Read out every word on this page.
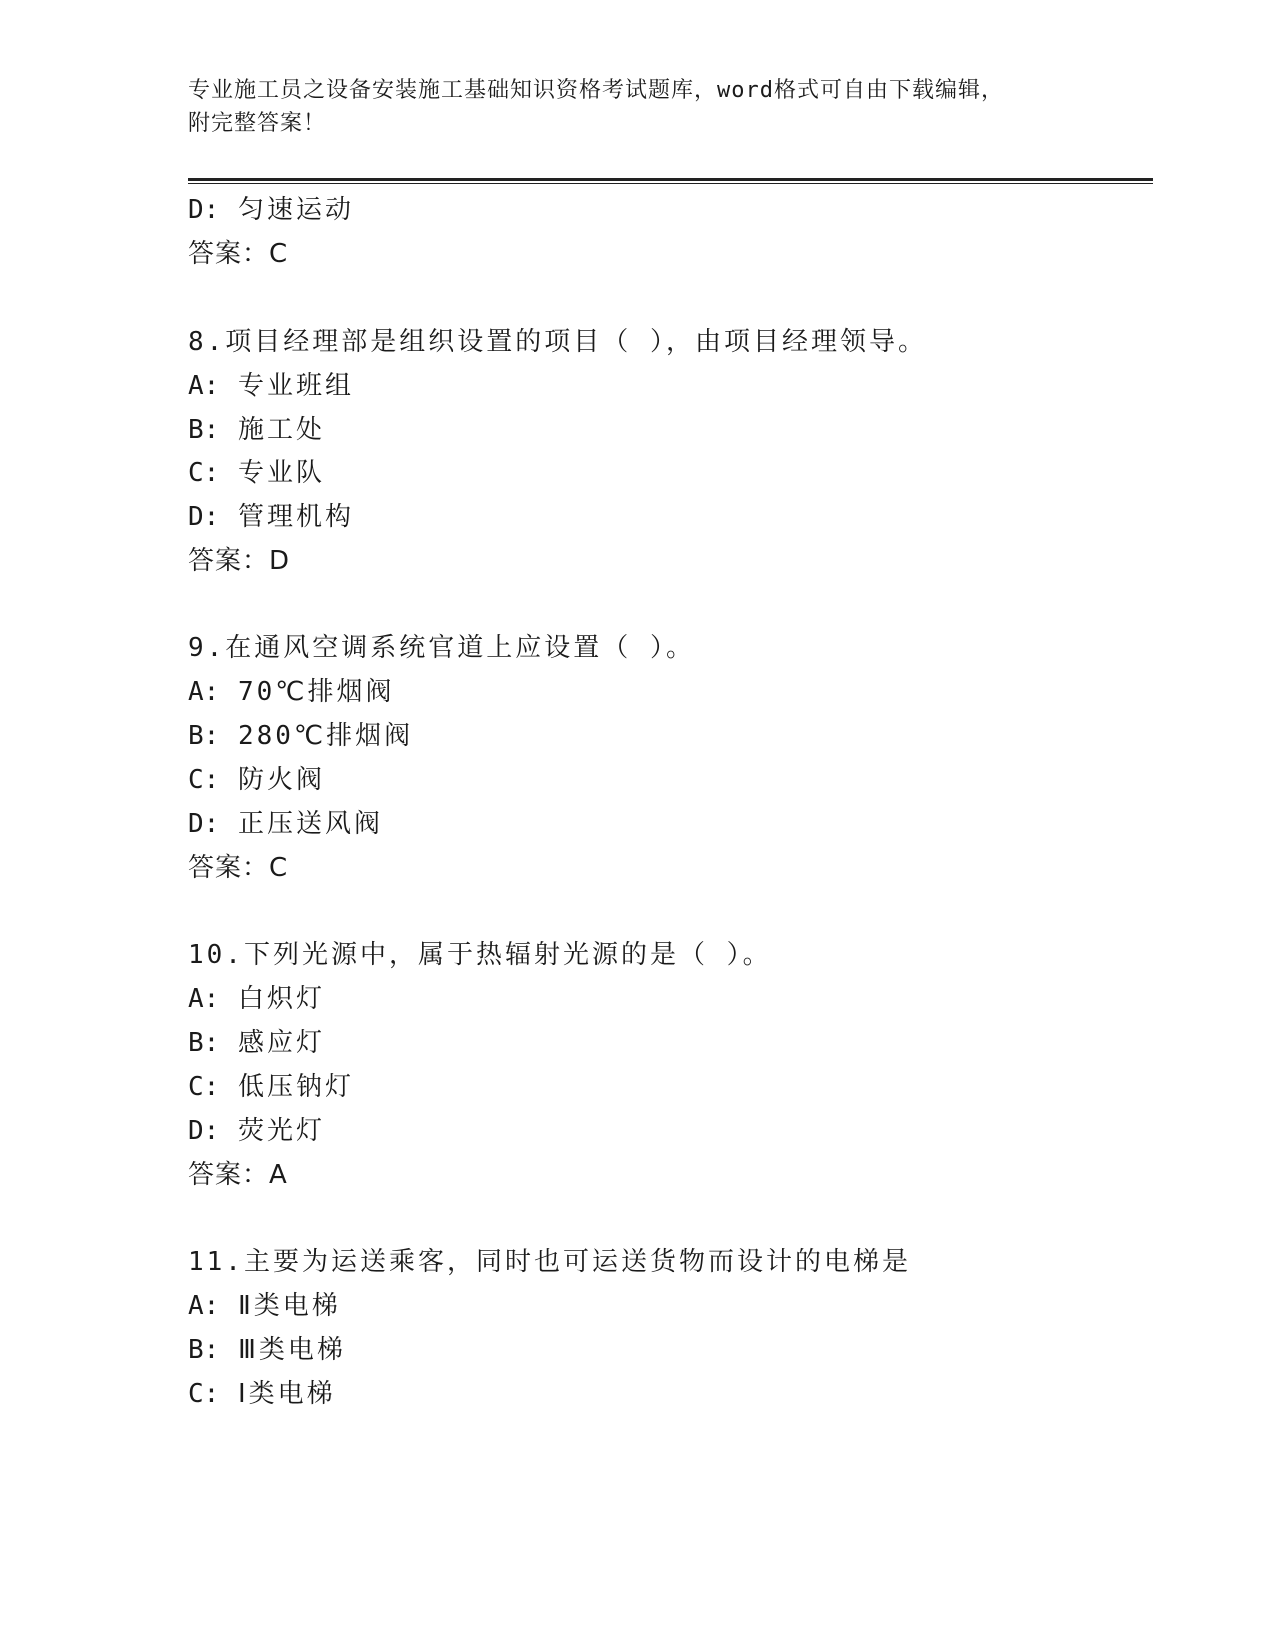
专业施工员之设备安装施工基础知识资格考试题库，word格式可自由下载编辑，
附完整答案！
D: 匀速运动
答案：C
8.项目经理部是组织设置的项目（ ），由项目经理领导。
A: 专业班组
B: 施工处
C: 专业队
D: 管理机构
答案：D
9.在通风空调系统官道上应设置（ ）。
A: 70℃排烟阀
B: 280℃排烟阀
C: 防火阀
D: 正压送风阀
答案：C
10.下列光源中，属于热辐射光源的是（ ）。
A: 白炽灯
B: 感应灯
C: 低压钠灯
D: 荧光灯
答案：A
11.主要为运送乘客，同时也可运送货物而设计的电梯是
A: Ⅱ类电梯
B: Ⅲ类电梯
C: Ⅰ类电梯
